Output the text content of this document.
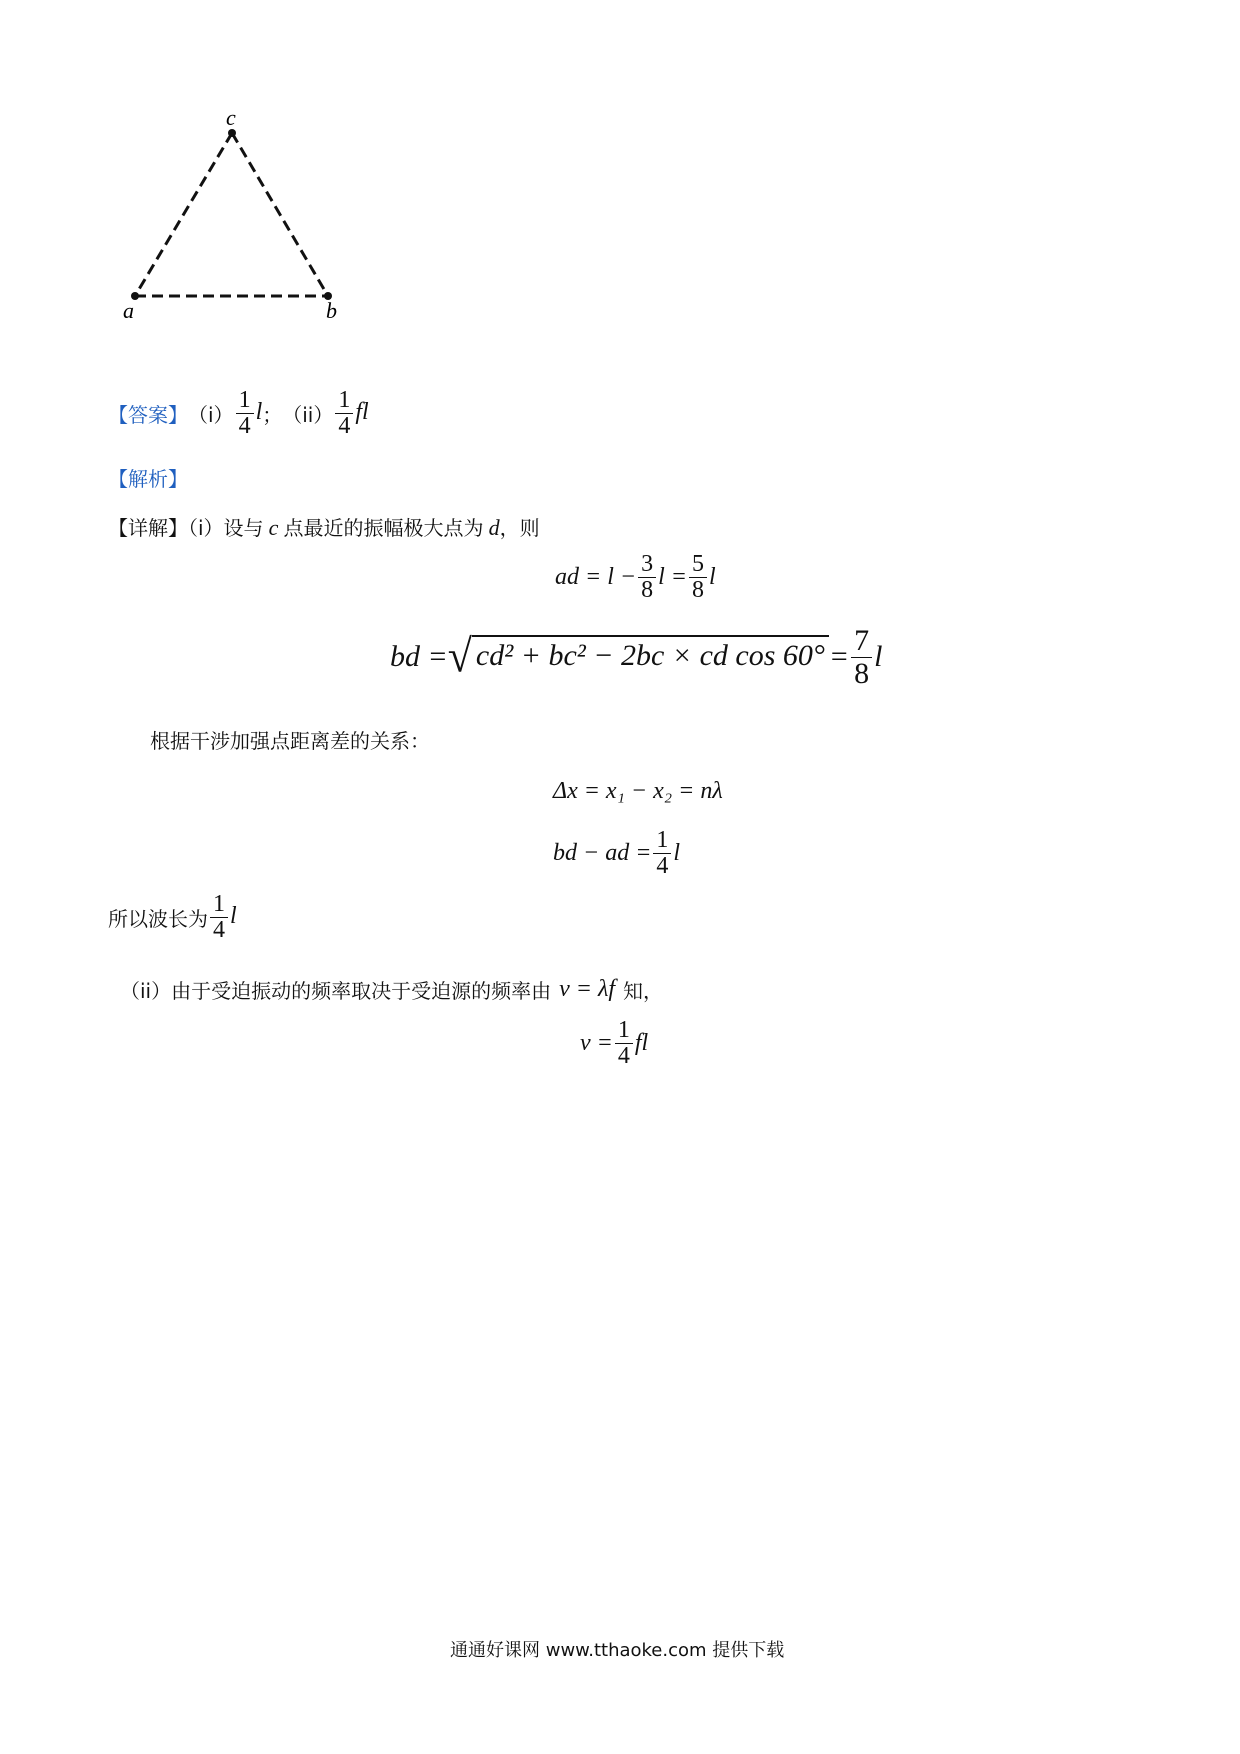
c
a	b
【答案】 $(i) \frac{1}{4}$ l ； $(ii) \frac{1}{4}$ fl
【解析】
【详解】（i）设与 c 点最近的振幅极大点为 d，则
ad = $l - \frac{3}{8}$ $l = \frac{5}{8}$ l
bd = √ cd² + bc² − 2bc × cd $\cos 60^\circ = \frac{7}{8}$ l
根据干涉加强点距离差的关系：
Δx = x₁ − x₂ = nλ
bd − ad = $\frac{1}{4}$ l
所以波长为 $\frac{1}{4}$ l
（ii）由于受迫振动的频率取决于受迫源的频率由 v = λf 知，
$v = \frac{1}{4}$ fl
通通好课网 www.tthaoke.com 提供下载
